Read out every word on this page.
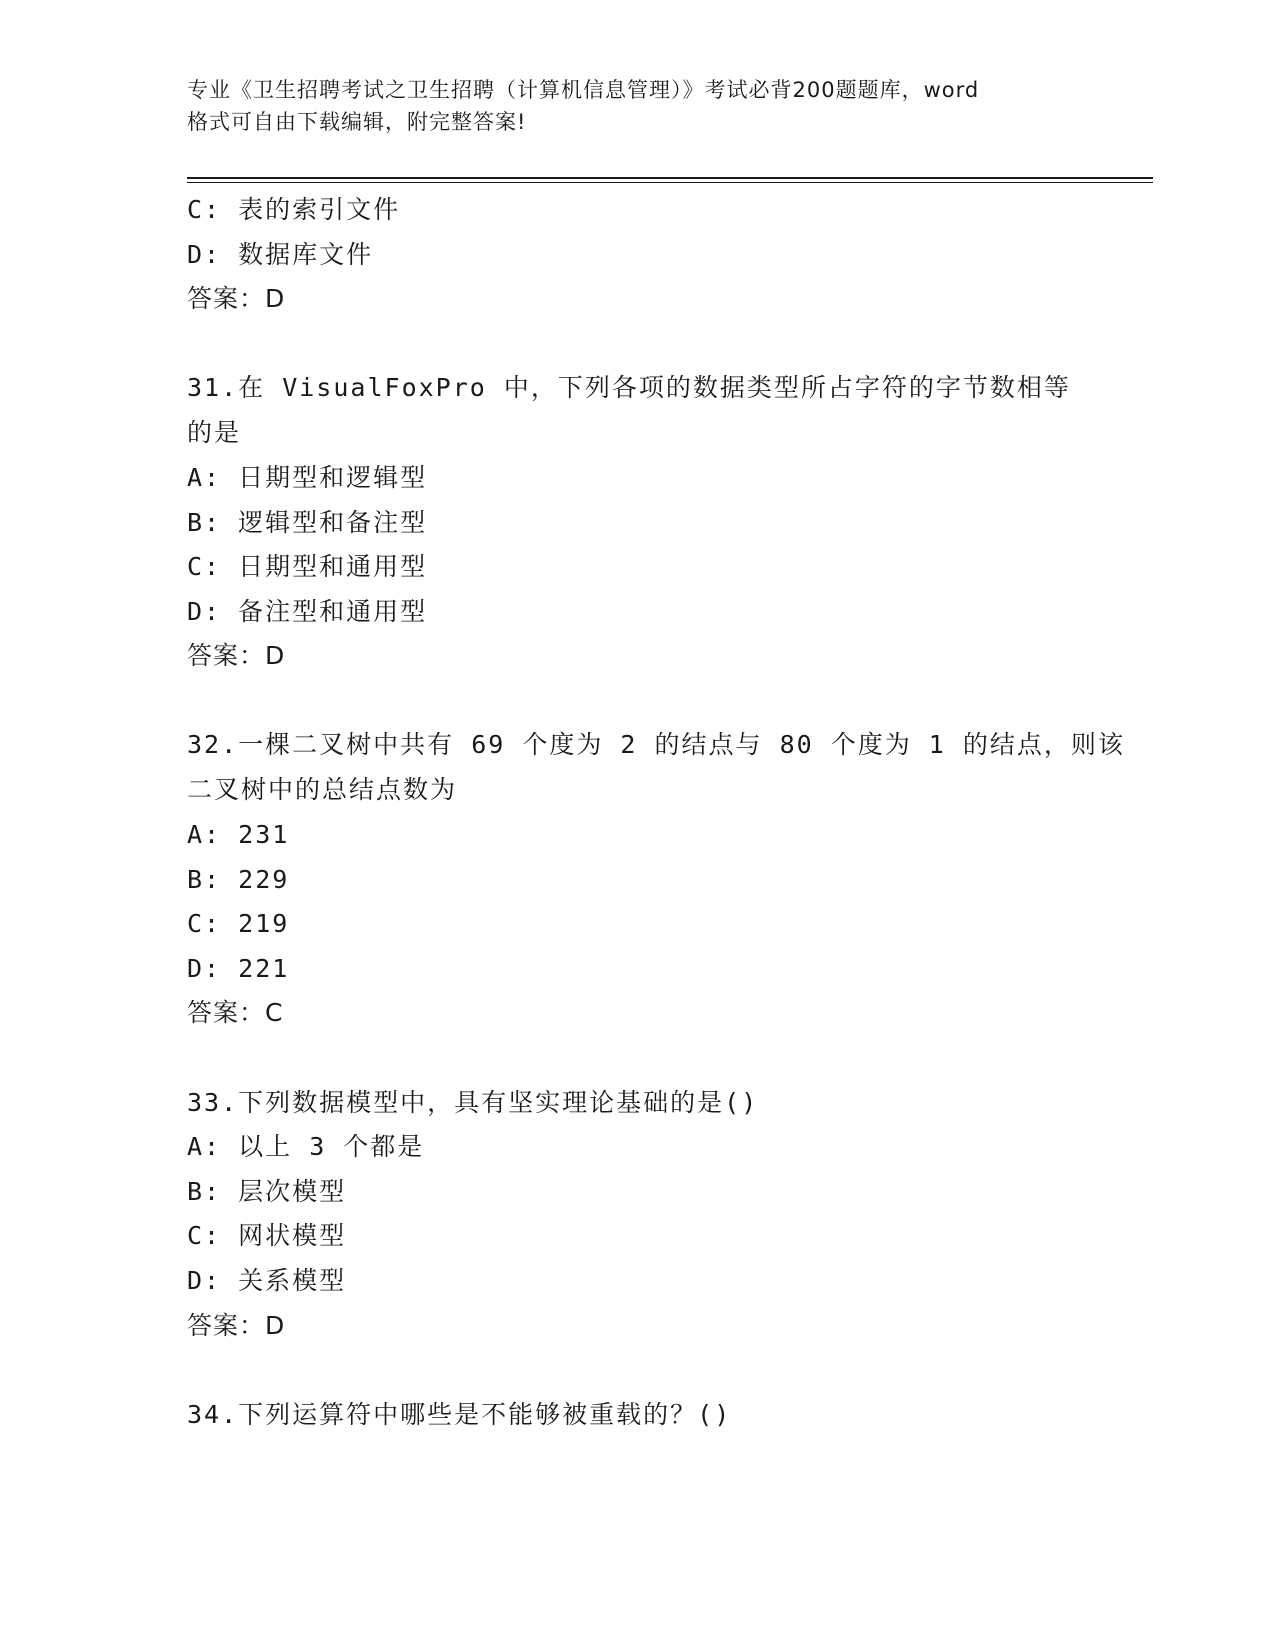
专业《卫生招聘考试之卫生招聘（计算机信息管理）》考试必背200题题库，word
格式可自由下载编辑，附完整答案!
C: 表的索引文件
D: 数据库文件
答案：D
31.在 VisualFoxPro 中，下列各项的数据类型所占字符的字节数相等
的是
A: 日期型和逻辑型
B: 逻辑型和备注型
C: 日期型和通用型
D: 备注型和通用型
答案：D
32.一棵二叉树中共有 69 个度为 2 的结点与 80 个度为 1 的结点，则该
二叉树中的总结点数为
A: 231
B: 229
C: 219
D: 221
答案：C
33.下列数据模型中，具有坚实理论基础的是()
A: 以上 3 个都是
B: 层次模型
C: 网状模型
D: 关系模型
答案：D
34.下列运算符中哪些是不能够被重载的？()
